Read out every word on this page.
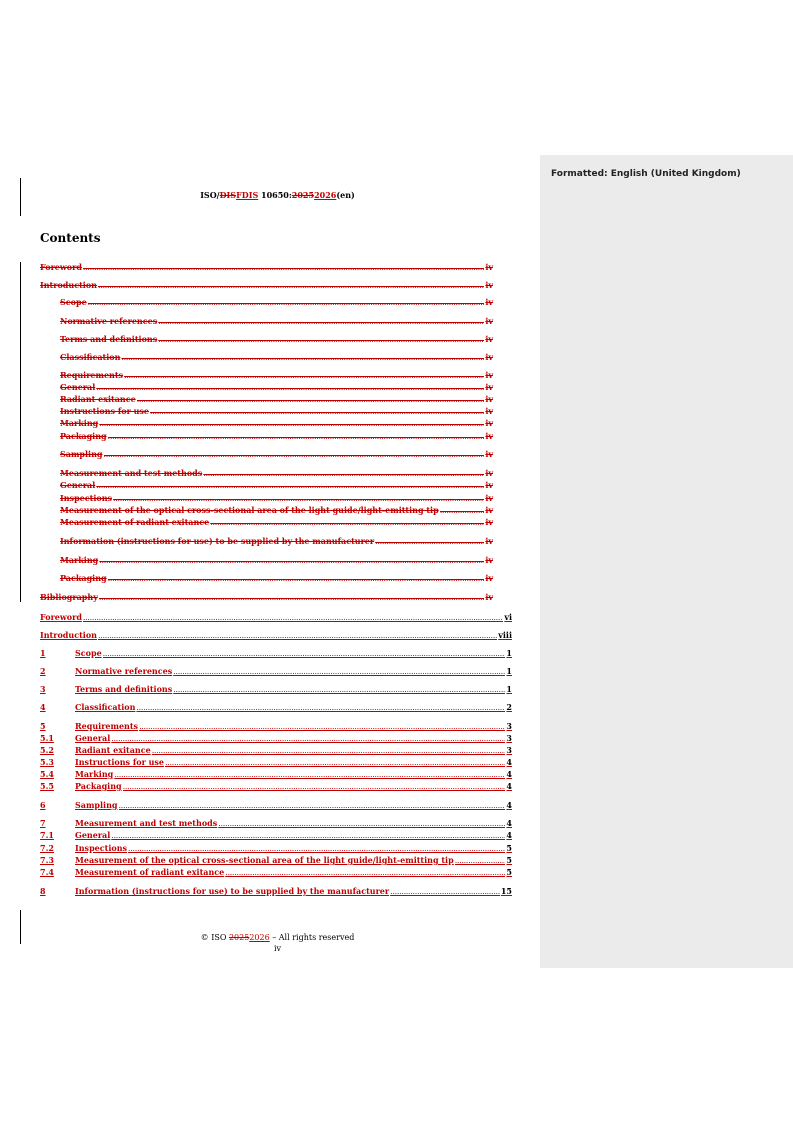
Formatted: English (United Kingdom)
ISO/DISFDIS 10650:20252026(en)
Contents
Foreword .....	iv
Introduction .....	iv
Scope .....	iv
Normative references .....	iv
Terms and definitions .....	iv
Classification .....	iv
Requirements .....	iv
General .....	iv
Radiant exitance .....	iv
Instructions for use .....	iv
Marking .....	iv
Packaging .....	iv
Sampling .....	iv
Measurement and test methods .....	iv
General .....	iv
Inspections .....	iv
Measurement of the optical cross-sectional area of the light guide/light-emitting tip .....	iv
Measurement of radiant exitance .....	iv
Information (instructions for use) to be supplied by the manufacturer .....	iv
Marking .....	iv
Packaging .....	iv
Bibliography .....	iv
Foreword .....	vi
Introduction .....	viii
1	Scope .....	1
2	Normative references .....	1
3	Terms and definitions .....	1
4	Classification .....	2
5	Requirements .....	3
5.1	General .....	3
5.2	Radiant exitance .....	3
5.3	Instructions for use .....	4
5.4	Marking .....	4
5.5	Packaging .....	4
6	Sampling .....	4
7	Measurement and test methods .....	4
7.1	General .....	4
7.2	Inspections .....	5
7.3	Measurement of the optical cross-sectional area of the light guide/light-emitting tip .....	5
7.4	Measurement of radiant exitance .....	5
8	Information (instructions for use) to be supplied by the manufacturer .....	15
© ISO 20252026 – All rights reserved
iv
